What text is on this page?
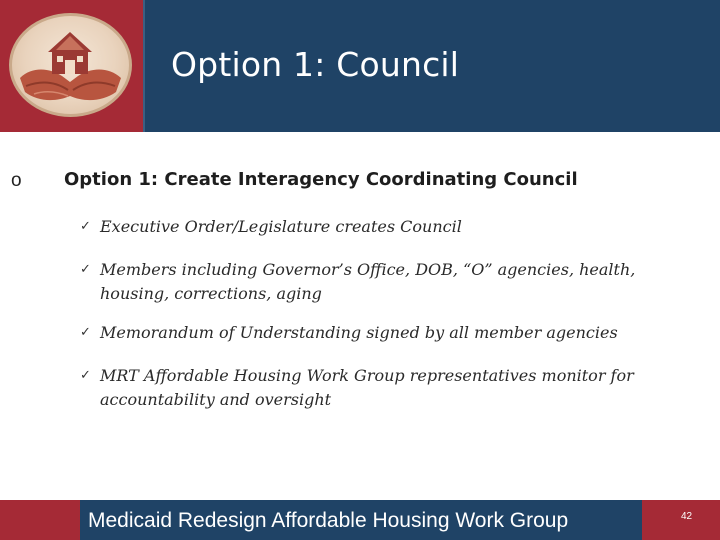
Option 1: Council
o Option 1: Create Interagency Coordinating Council
✓ Executive Order/Legislature creates Council
✓ Members including Governor’s Office, DOB, “O” agencies, health,
housing, corrections, aging
✓ Memorandum of Understanding signed by all member agencies
✓ MRT Affordable Housing Work Group representatives monitor for
accountability and oversight
Medicaid Redesign Affordable Housing Work Group	42
